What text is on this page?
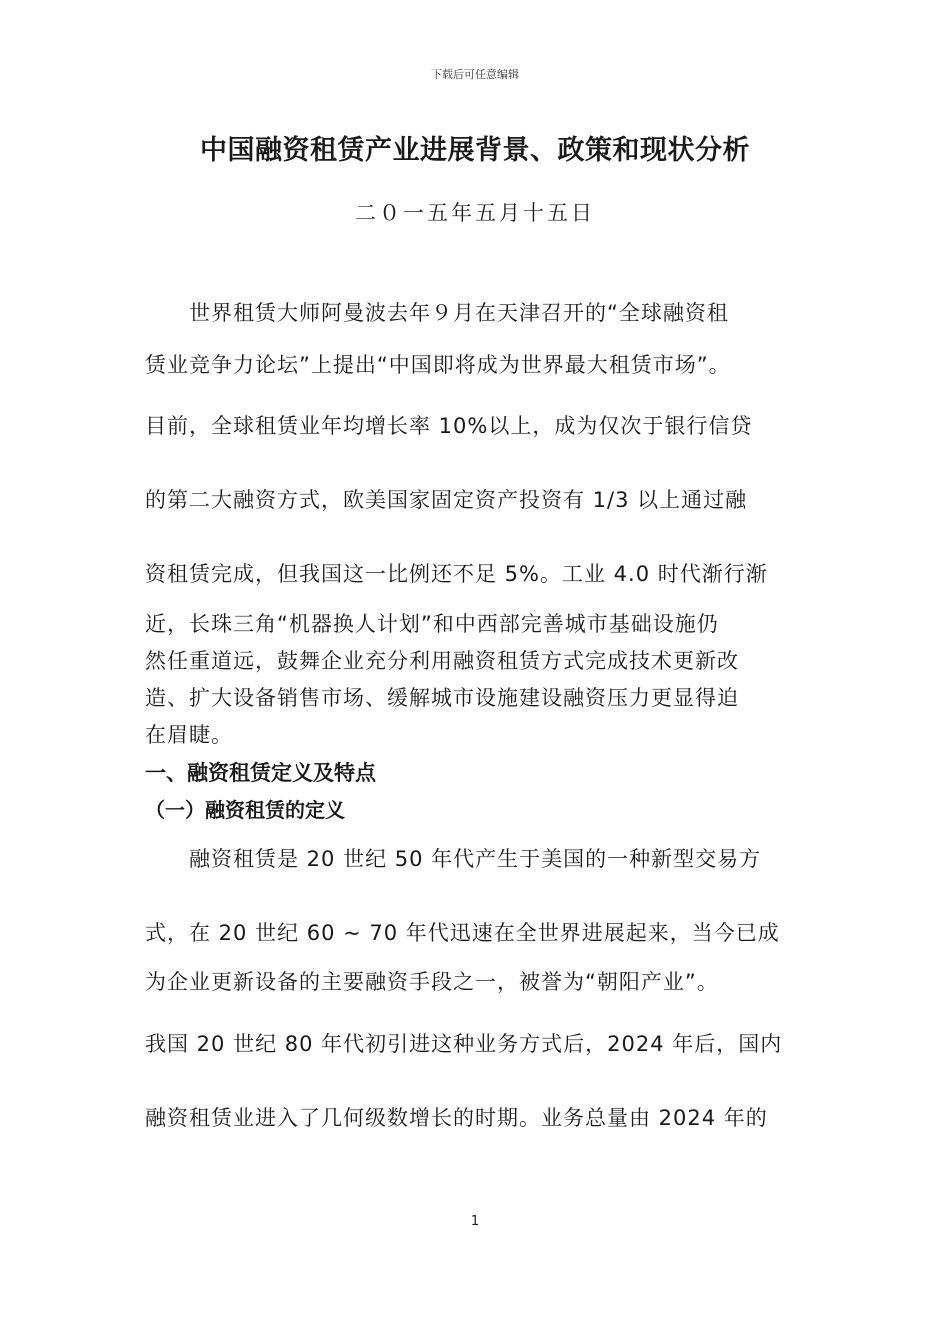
下载后可任意编辑
中国融资租赁产业进展背景、政策和现状分析
二０一五年五月十五日
　　世界租赁大师阿曼波去年９月在天津召开的“全球融资租
赁业竞争力论坛”上提出“中国即将成为世界最大租赁市场”。
目前，全球租赁业年均增长率 10%以上，成为仅次于银行信贷
的第二大融资方式，欧美国家固定资产投资有 1/3 以上通过融
资租赁完成，但我国这一比例还不足 5%。工业 4.0 时代渐行渐
近，长珠三角“机器换人计划”和中西部完善城市基础设施仍
然任重道远，鼓舞企业充分利用融资租赁方式完成技术更新改
造、扩大设备销售市场、缓解城市设施建设融资压力更显得迫
在眉睫。
一、融资租赁定义及特点
（一）融资租赁的定义
　　融资租赁是 20 世纪 50 年代产生于美国的一种新型交易方
式，在 20 世纪 60 ~ 70 年代迅速在全世界进展起来，当今已成
为企业更新设备的主要融资手段之一，被誉为“朝阳产业”。
我国 20 世纪 80 年代初引进这种业务方式后，2024 年后，国内
融资租赁业进入了几何级数增长的时期。业务总量由 2024 年的
1
